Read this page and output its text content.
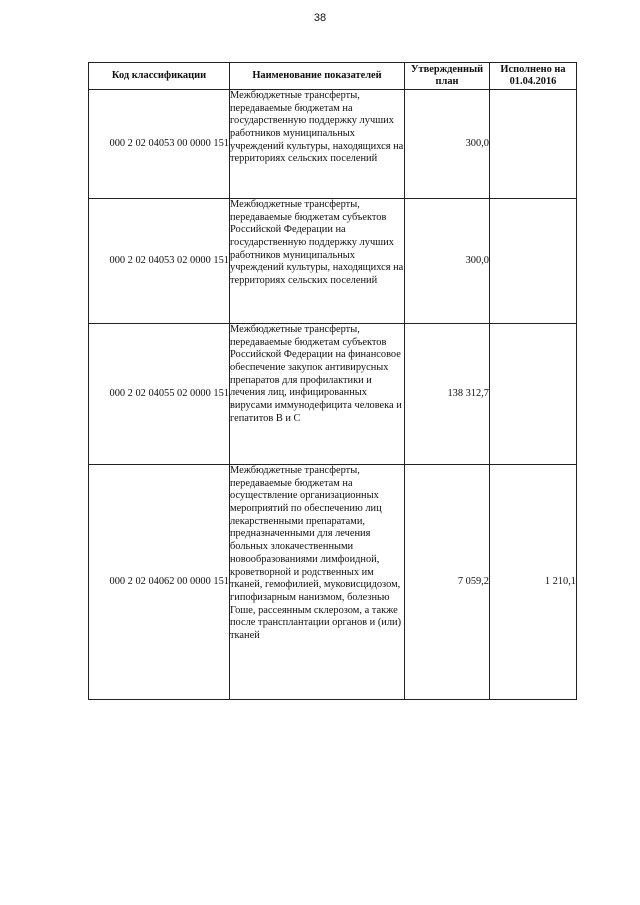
38
Код классификации	Наименование показателей	Утвержденный план	Исполнено на 01.04.2016
000 2 02 04053 00 0000 151	Межбюджетные трансферты, передаваемые бюджетам на государственную поддержку лучших работников муниципальных учреждений культуры, находящихся на территориях сельских поселений	300,0	
000 2 02 04053 02 0000 151	Межбюджетные трансферты, передаваемые бюджетам субъектов Российской Федерации на государственную поддержку лучших работников муниципальных учреждений культуры, находящихся на территориях сельских поселений	300,0	
000 2 02 04055 02 0000 151	Межбюджетные трансферты, передаваемые бюджетам субъектов Российской Федерации на финансовое обеспечение закупок антивирусных препаратов для профилактики и лечения лиц, инфицированных вирусами иммунодефицита человека и гепатитов В и С	138 312,7	
000 2 02 04062 00 0000 151	Межбюджетные трансферты, передаваемые бюджетам на осуществление организационных мероприятий по обеспечению лиц лекарственными препаратами, предназначенными для лечения больных злокачественными новообразованиями лимфоидной, кроветворной и родственных им тканей, гемофилией, муковисцидозом, гипофизарным нанизмом, болезнью Гоше, рассеянным склерозом, а также после трансплантации органов и (или) тканей	7 059,2	1 210,1
